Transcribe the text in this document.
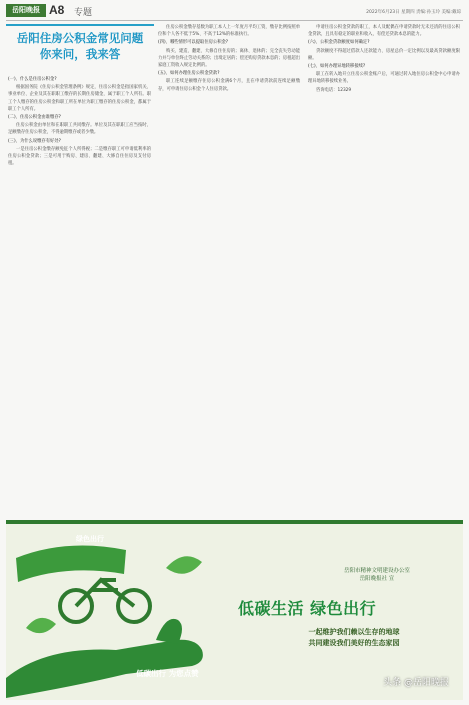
岳阳晚报 A8 专题	2022年6月23日 星期四 责编:孙玉玲 美编:戴琼
岳阳住房公积金常见问题
你来问，我来答

(一)、什么是住房公积金?

根据国务院《住房公积金管理条例》规定，住房公积金是指国家机关、事业单位、企业及其在职职工缴存的长期住房储金，属于职工个人所有。职工个人缴存的住房公积金和职工所在单位为职工缴存的住房公积金，都属于职工个人所有。

(二)、住房公积金由谁缴存?

住房公积金由单位和在职职工共同缴存。单位及其在职职工应当按时、足额缴存住房公积金，不得逾期缴存或者少缴。

(三)、为什么说缴存有好处?

一是住房公积金缴存额免征个人所得税；二是缴存职工可申请低利率的住房公积金贷款；三是可用于购房、建房、翻建、大修自住住房及支付房租。

住房公积金缴存基数为职工本人上一年度月平均工资，缴存比例按照单位和个人各不低于5%、不高于12%的标准执行。

(四)、哪些情形可以提取住房公积金?

购买、建造、翻建、大修自住住房的；离休、退休的；完全丧失劳动能力并与单位终止劳动关系的；出境定居的；偿还购房贷款本息的；房租超出家庭工资收入规定比例的。

(五)、如何办理住房公积金贷款?

职工连续足额缴存住房公积金满6个月，且在申请贷款前连续足额缴存，可申请住房公积金个人住房贷款。

申请住房公积金贷款的职工，本人及配偶在申请贷款时无未还清的住房公积金贷款，且具有稳定的职业和收入，有偿还贷款本息的能力。

(六)、公积金贷款额度如何确定?

贷款额度不得超过借款人还款能力、房屋总价一定比例以及最高贷款额度限额。

(七)、如何办理异地转移接续?

职工在转入地开立住房公积金账户后，可通过转入地住房公积金中心申请办理异地转移接续业务。

咨询电话：12329

绿色出行
岳阳市精神文明建设办公室
岳阳晚报社 宣
低碳生活 绿色出行
一起维护我们赖以生存的地球
共同建设我们美好的生态家园
低碳出行 为您点赞
头条 @岳阳晚报
